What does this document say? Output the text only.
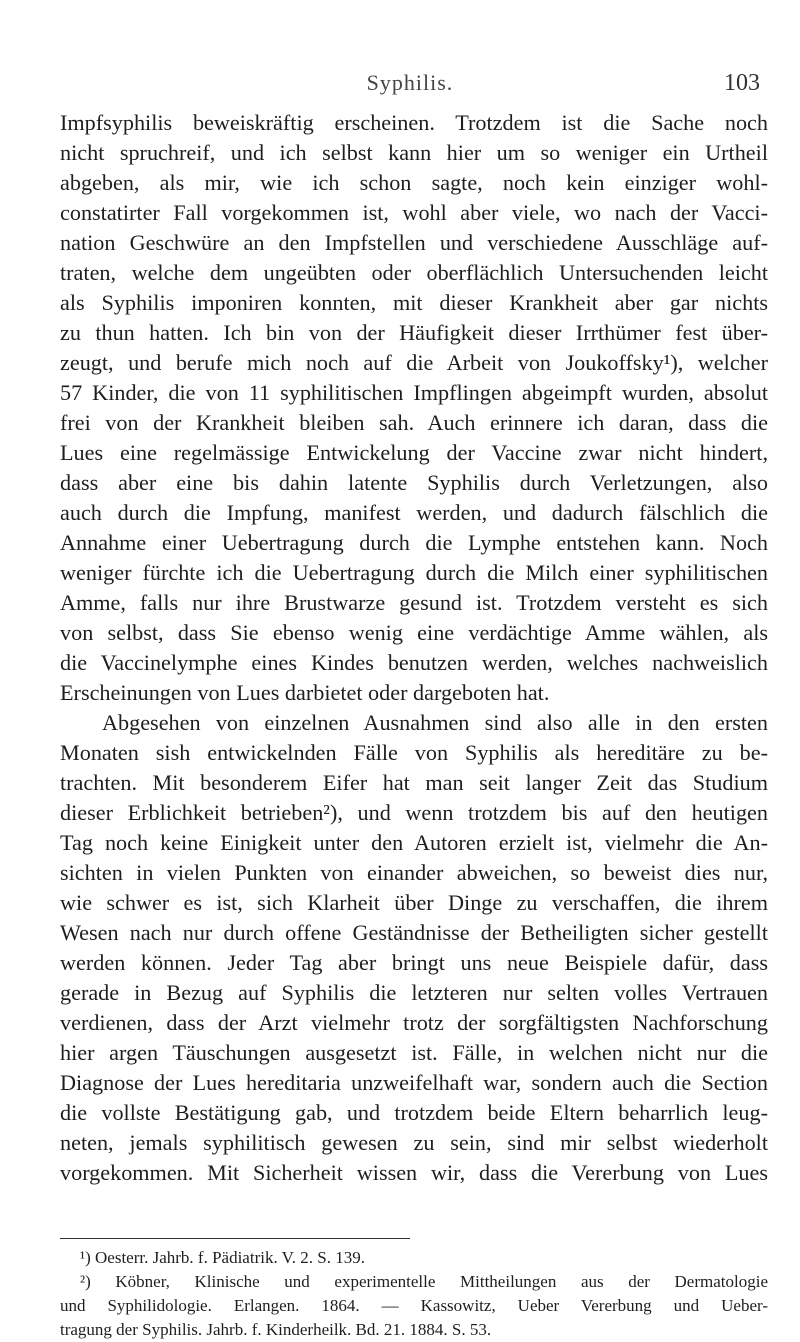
Syphilis.	103
Impfsyphilis beweiskräftig erscheinen. Trotzdem ist die Sache noch
nicht spruchreif, und ich selbst kann hier um so weniger ein Urtheil
abgeben, als mir, wie ich schon sagte, noch kein einziger wohl-
constatirter Fall vorgekommen ist, wohl aber viele, wo nach der Vacci-
nation Geschwüre an den Impfstellen und verschiedene Ausschläge auf-
traten, welche dem ungeübten oder oberflächlich Untersuchenden leicht
als Syphilis imponiren konnten, mit dieser Krankheit aber gar nichts
zu thun hatten. Ich bin von der Häufigkeit dieser Irrthümer fest über-
zeugt, und berufe mich noch auf die Arbeit von Joukoffsky¹), welcher
57 Kinder, die von 11 syphilitischen Impflingen abgeimpft wurden, absolut
frei von der Krankheit bleiben sah. Auch erinnere ich daran, dass die
Lues eine regelmässige Entwickelung der Vaccine zwar nicht hindert,
dass aber eine bis dahin latente Syphilis durch Verletzungen, also
auch durch die Impfung, manifest werden, und dadurch fälschlich die
Annahme einer Uebertragung durch die Lymphe entstehen kann. Noch
weniger fürchte ich die Uebertragung durch die Milch einer syphilitischen
Amme, falls nur ihre Brustwarze gesund ist. Trotzdem versteht es sich
von selbst, dass Sie ebenso wenig eine verdächtige Amme wählen, als
die Vaccinelymphe eines Kindes benutzen werden, welches nachweislich
Erscheinungen von Lues darbietet oder dargeboten hat.
Abgesehen von einzelnen Ausnahmen sind also alle in den ersten
Monaten sish entwickelnden Fälle von Syphilis als hereditäre zu be-
trachten. Mit besonderem Eifer hat man seit langer Zeit das Studium
dieser Erblichkeit betrieben²), und wenn trotzdem bis auf den heutigen
Tag noch keine Einigkeit unter den Autoren erzielt ist, vielmehr die An-
sichten in vielen Punkten von einander abweichen, so beweist dies nur,
wie schwer es ist, sich Klarheit über Dinge zu verschaffen, die ihrem
Wesen nach nur durch offene Geständnisse der Betheiligten sicher gestellt
werden können. Jeder Tag aber bringt uns neue Beispiele dafür, dass
gerade in Bezug auf Syphilis die letzteren nur selten volles Vertrauen
verdienen, dass der Arzt vielmehr trotz der sorgfältigsten Nachforschung
hier argen Täuschungen ausgesetzt ist. Fälle, in welchen nicht nur die
Diagnose der Lues hereditaria unzweifelhaft war, sondern auch die Section
die vollste Bestätigung gab, und trotzdem beide Eltern beharrlich leug-
neten, jemals syphilitisch gewesen zu sein, sind mir selbst wiederholt
vorgekommen. Mit Sicherheit wissen wir, dass die Vererbung von Lues
¹) Oesterr. Jahrb. f. Pädiatrik. V. 2. S. 139.
²) Köbner, Klinische und experimentelle Mittheilungen aus der Dermatologie
und Syphilidologie. Erlangen. 1864. — Kassowitz, Ueber Vererbung und Ueber-
tragung der Syphilis. Jahrb. f. Kinderheilk. Bd. 21. 1884. S. 53.
